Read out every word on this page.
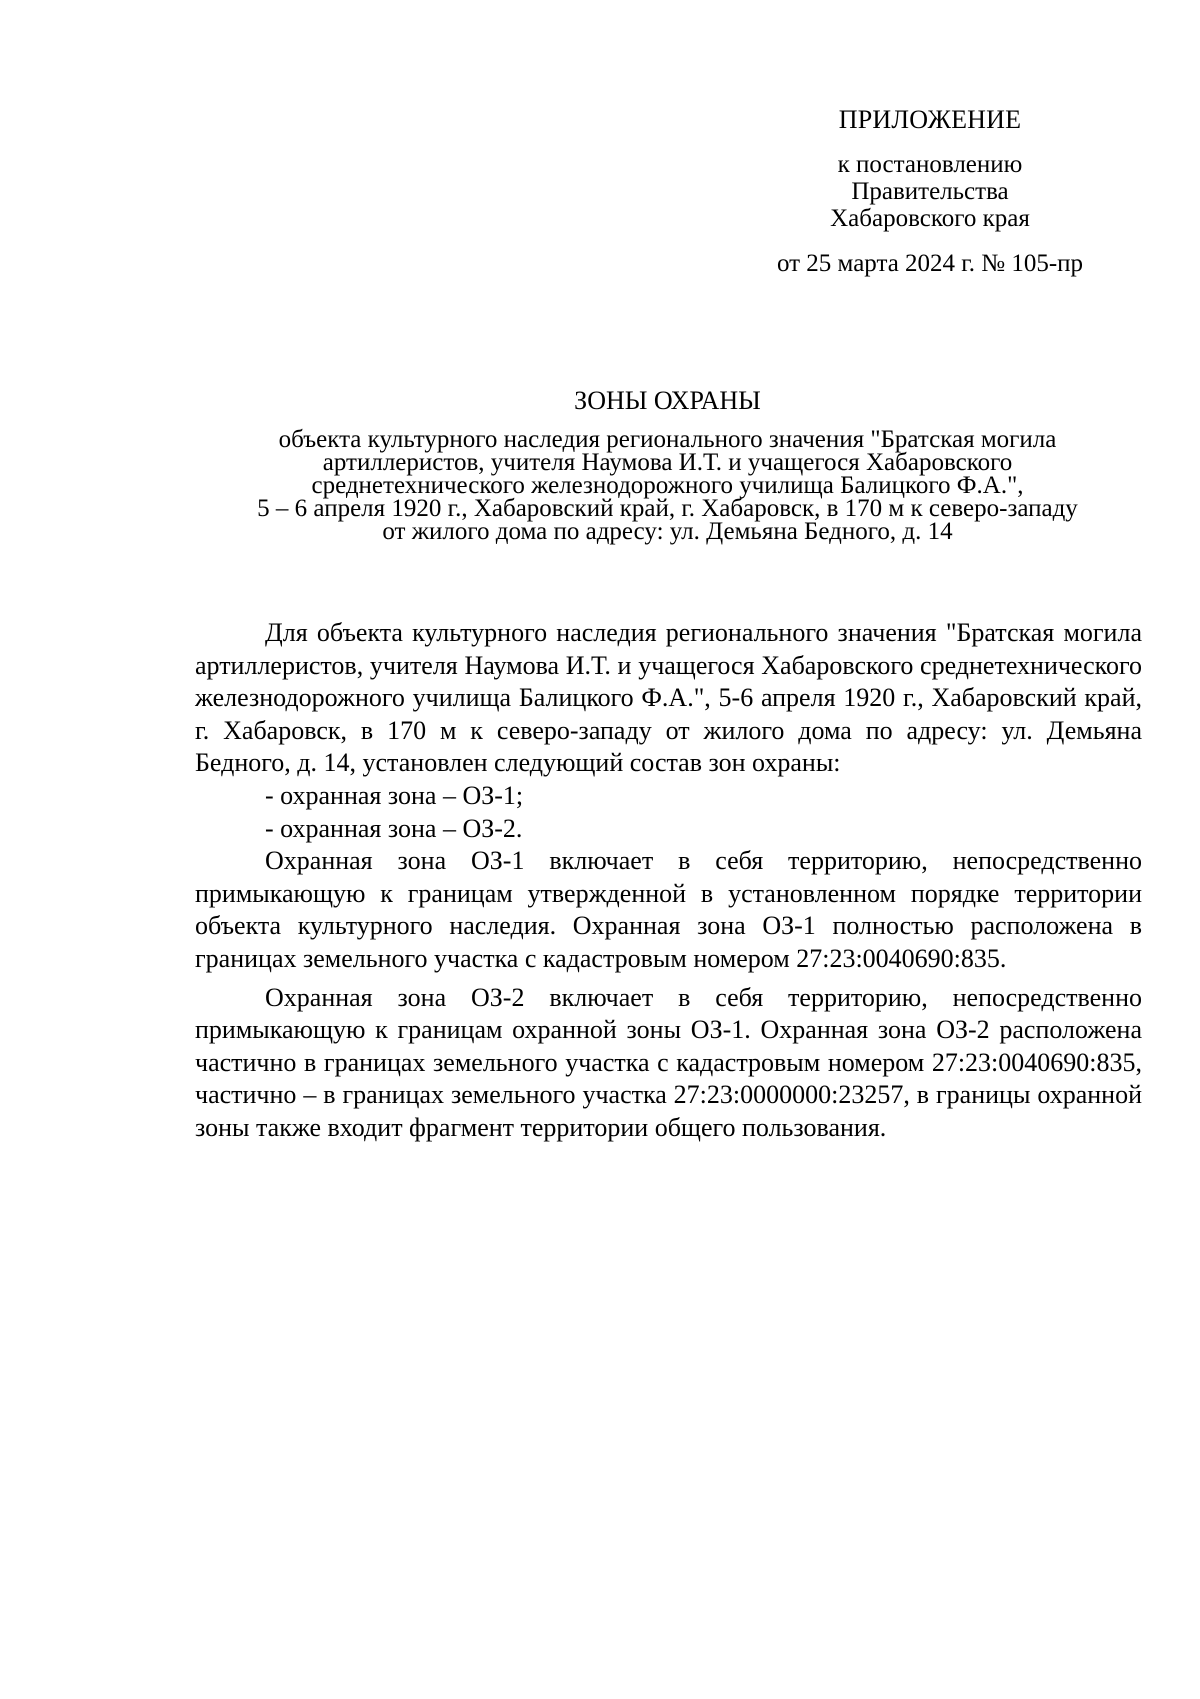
ПРИЛОЖЕНИЕ
к постановлению
Правительства
Хабаровского края
от 25 марта 2024 г. № 105-пр
ЗОНЫ ОХРАНЫ
объекта культурного наследия регионального значения "Братская могила
артиллеристов, учителя Наумова И.Т. и учащегося Хабаровского
среднетехнического железнодорожного училища Балицкого Ф.А.",
5 – 6 апреля 1920 г., Хабаровский край, г. Хабаровск, в 170 м к северо-западу
от жилого дома по адресу: ул. Демьяна Бедного, д. 14

Для объекта культурного наследия регионального значения "Братская могила артиллеристов, учителя Наумова И.Т. и учащегося Хабаровского среднетехнического железнодорожного училища Балицкого Ф.А.", 5-6 апреля 1920 г., Хабаровский край, г. Хабаровск, в 170 м к северо-западу от жилого дома по адресу: ул. Демьяна Бедного, д. 14, установлен следующий состав зон охраны:

- охранная зона – ОЗ-1;

- охранная зона – ОЗ-2.

Охранная зона ОЗ-1 включает в себя территорию, непосредственно примыкающую к границам утвержденной в установленном порядке территории объекта культурного наследия. Охранная зона ОЗ-1 полностью расположена в границах земельного участка с кадастровым номером 27:23:0040690:835.

Охранная зона ОЗ-2 включает в себя территорию, непосредственно примыкающую к границам охранной зоны ОЗ-1. Охранная зона ОЗ-2 расположена частично в границах земельного участка с кадастровым номером 27:23:0040690:835, частично – в границах земельного участка 27:23:0000000:23257, в границы охранной зоны также входит фрагмент территории общего пользования.
